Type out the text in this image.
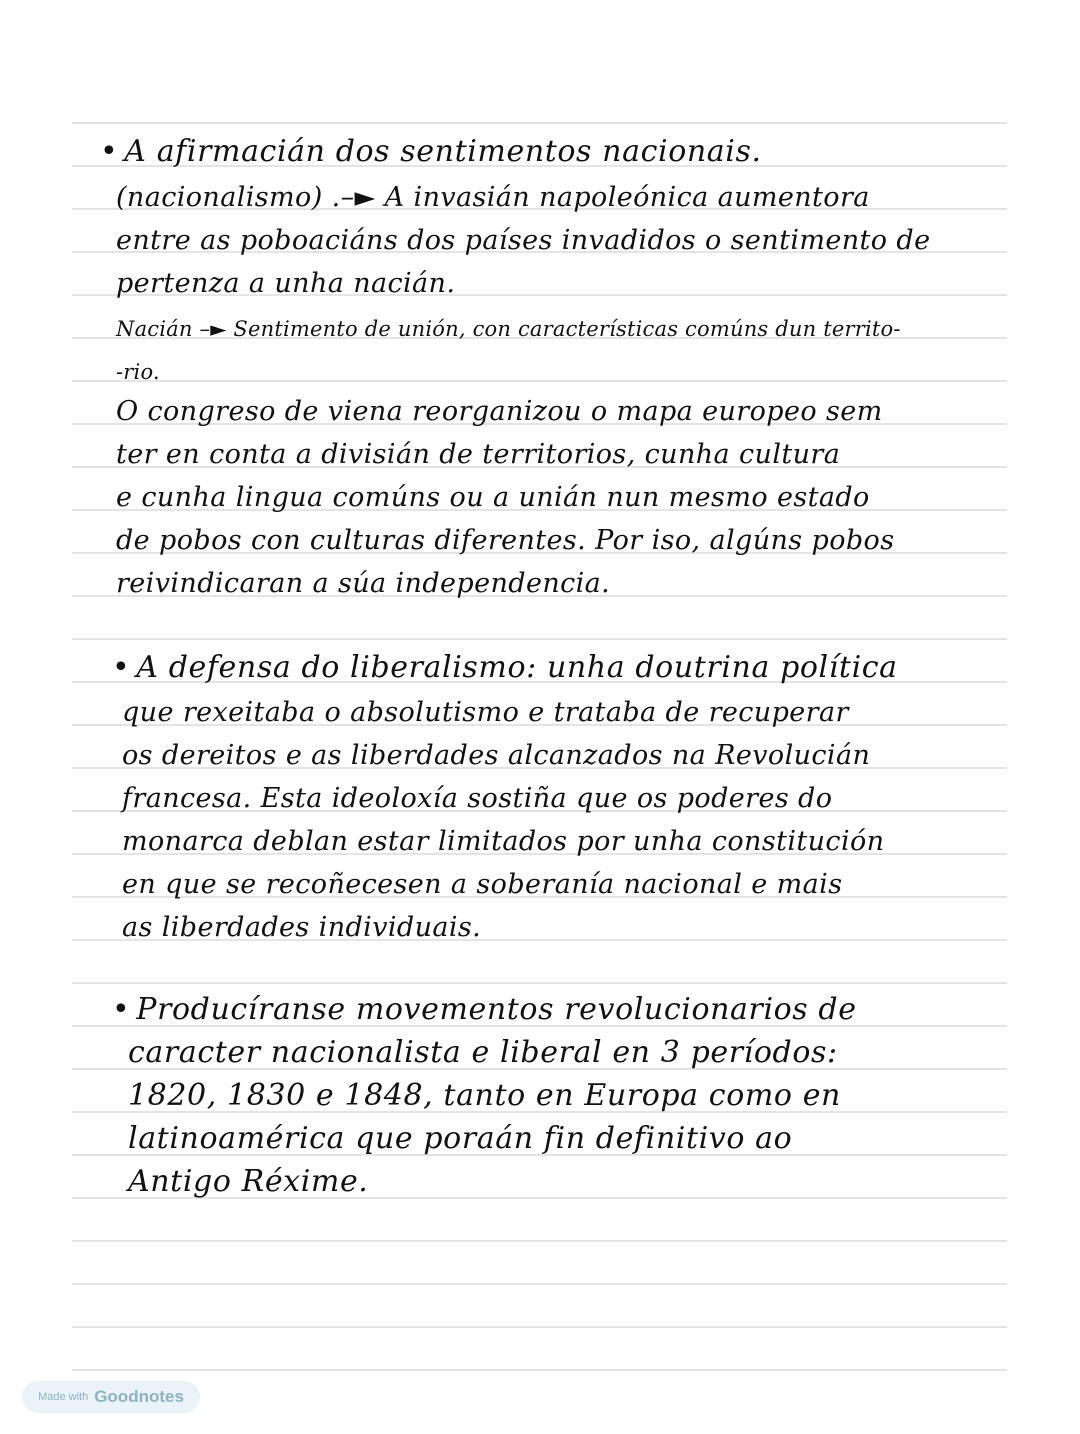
• A afirmacián dos sentimentos nacionais.

(nacionalismo) .–► A invasián napoleónica aumentora

entre as poboaciáns dos países invadidos o sentimento de

pertenza a unha nacián.

Nacián –► Sentimento de unión, con características comúns dun territo-

-rio.

O congreso de viena reorganizou o mapa europeo sem

ter en conta a divisián de territorios, cunha cultura

e cunha lingua comúns ou a unián nun mesmo estado

de pobos con culturas diferentes. Por iso, algúns pobos

reivindicaran a súa independencia.

• A defensa do liberalismo: unha doutrina política

que rexeitaba o absolutismo e trataba de recuperar

os dereitos e as liberdades alcanzados na Revolucián

francesa. Esta ideoloxía sostiña que os poderes do

monarca deblan estar limitados por unha constitución

en que se recoñecesen a soberanía nacional e mais

as liberdades individuais.

• Producíranse movementos revolucionarios de

caracter nacionalista e liberal en 3 períodos:

1820, 1830 e 1848, tanto en Europa como en

latinoamérica que poraán fin definitivo ao

Antigo Réxime.

Made with Goodnotes
